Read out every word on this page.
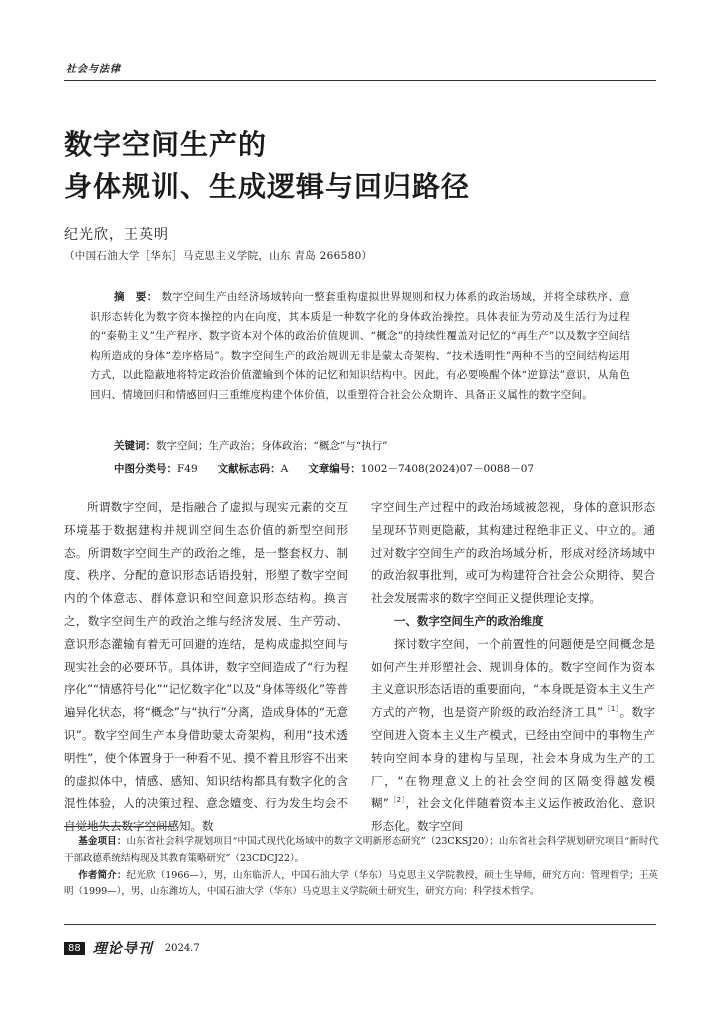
社会与法律
数字空间生产的
身体规训、生成逻辑与回归路径
纪光欣，王英明
（中国石油大学［华东］马克思主义学院，山东 青岛 266580）
摘　要： 数字空间生产由经济场域转向一整套重构虚拟世界规则和权力体系的政治场域，并将全球秩序、意识形态转化为数字资本操控的内在向度，其本质是一种数字化的身体政治操控。具体表征为劳动及生活行为过程的“泰勒主义”生产程序、数字资本对个体的政治价值规训、“概念”的持续性覆盖对记忆的“再生产”以及数字空间结构所造成的身体“差序格局”。数字空间生产的政治规训无非是蒙太奇架构、“技术透明性”两种不当的空间结构运用方式，以此隐蔽地将特定政治价值灌输到个体的记忆和知识结构中。因此，有必要唤醒个体“逆算法”意识，从角色回归、情境回归和情感回归三重维度构建个体价值，以重塑符合社会公众期许、具备正义属性的数字空间。
关键词：数字空间；生产政治；身体政治；“概念”与“执行”
中图分类号：F49 文献标志码：A 文章编号：1002－7408(2024)07－0088－07

所谓数字空间，是指融合了虚拟与现实元素的交互环境基于数据建构并规训空间生态价值的新型空间形态。所谓数字空间生产的政治之维，是一整套权力、制度、秩序、分配的意识形态话语投射，形塑了数字空间内的个体意志、群体意识和空间意识形态结构。换言之，数字空间生产的政治之维与经济发展、生产劳动、意识形态灌输有着无可回避的连结，是构成虚拟空间与现实社会的必要环节。具体讲，数字空间造成了“行为程序化”“情感符号化”“记忆数字化”以及“身体等级化”等普遍异化状态，将“概念”与“执行”分离，造成身体的“无意识”。数字空间生产本身借助蒙太奇架构，利用“技术透明性”，使个体置身于一种看不见、摸不着且形容不出来的虚拟体中，情感、感知、知识结构都具有数字化的含混性体验，人的决策过程、意念嬗变、行为发生均会不自觉地失去数字空间感知。数

字空间生产过程中的政治场域被忽视，身体的意识形态呈现环节则更隐蔽，其构建过程绝非正义、中立的。通过对数字空间生产的政治场域分析，形成对经济场域中的政治叙事批判，或可为构建符合社会公众期待、契合社会发展需求的数字空间正义提供理论支撑。

一、数字空间生产的政治维度

探讨数字空间，一个前置性的问题便是空间概念是如何产生并形塑社会、规训身体的。数字空间作为资本主义意识形态话语的重要面向，“本身既是资本主义生产方式的产物，也是资产阶级的政治经济工具”$^{[1]}$。数字空间进入资本主义生产模式，已经由空间中的事物生产转向空间本身的建构与呈现，社会本身成为生产的工厂，“在物理意义上的社会空间的区隔变得越发模糊”$^{[2]}$，社会文化伴随着资本主义运作被政治化、意识形态化。数字空间

基金项目：山东省社会科学规划项目“中国式现代化场域中的数字文明新形态研究”（23CKSJ20）；山东省社会科学规划研究项目“新时代干部政德系统结构现及其教育策略研究”（23CDCJ22）。

作者简介：纪光欣（1966—），男，山东临沂人，中国石油大学（华东）马克思主义学院教授，硕士生导师，研究方向：管理哲学；王英明（1999—），男，山东潍坊人，中国石油大学（华东）马克思主义学院硕士研究生，研究方向：科学技术哲学。

88 理论导刊 2024.7
